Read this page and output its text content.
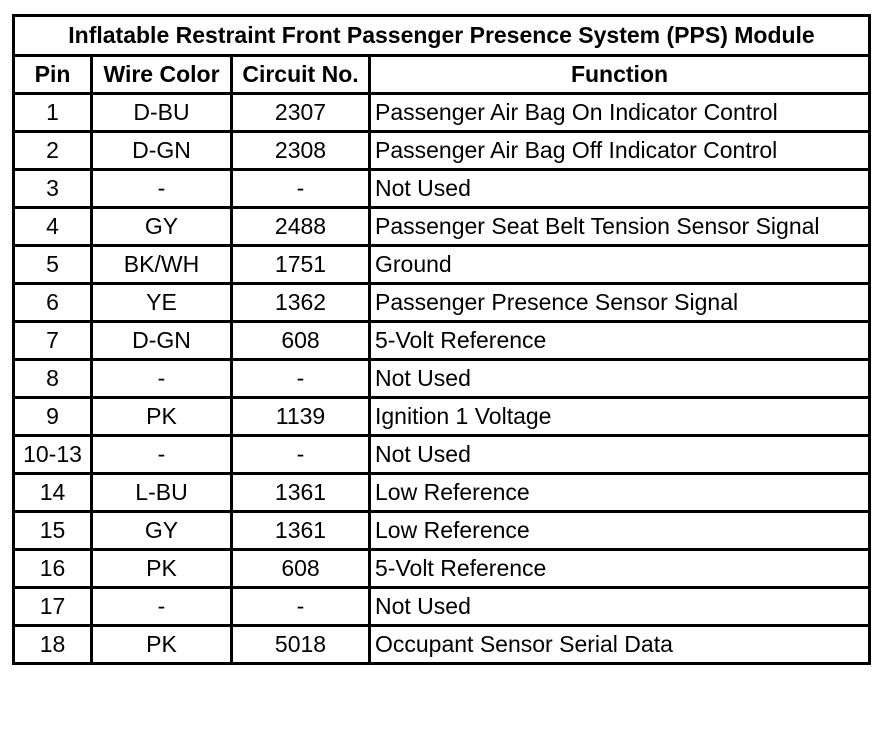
Inflatable Restraint Front Passenger Presence System (PPS) Module			
Pin	Wire Color	Circuit No.	Function
1	D-BU	2307	Passenger Air Bag On Indicator Control
2	D-GN	2308	Passenger Air Bag Off Indicator Control
3	-	-	Not Used
4	GY	2488	Passenger Seat Belt Tension Sensor Signal
5	BK/WH	1751	Ground
6	YE	1362	Passenger Presence Sensor Signal
7	D-GN	608	5-Volt Reference
8	-	-	Not Used
9	PK	1139	Ignition 1 Voltage
10-13	-	-	Not Used
14	L-BU	1361	Low Reference
15	GY	1361	Low Reference
16	PK	608	5-Volt Reference
17	-	-	Not Used
18	PK	5018	Occupant Sensor Serial Data
